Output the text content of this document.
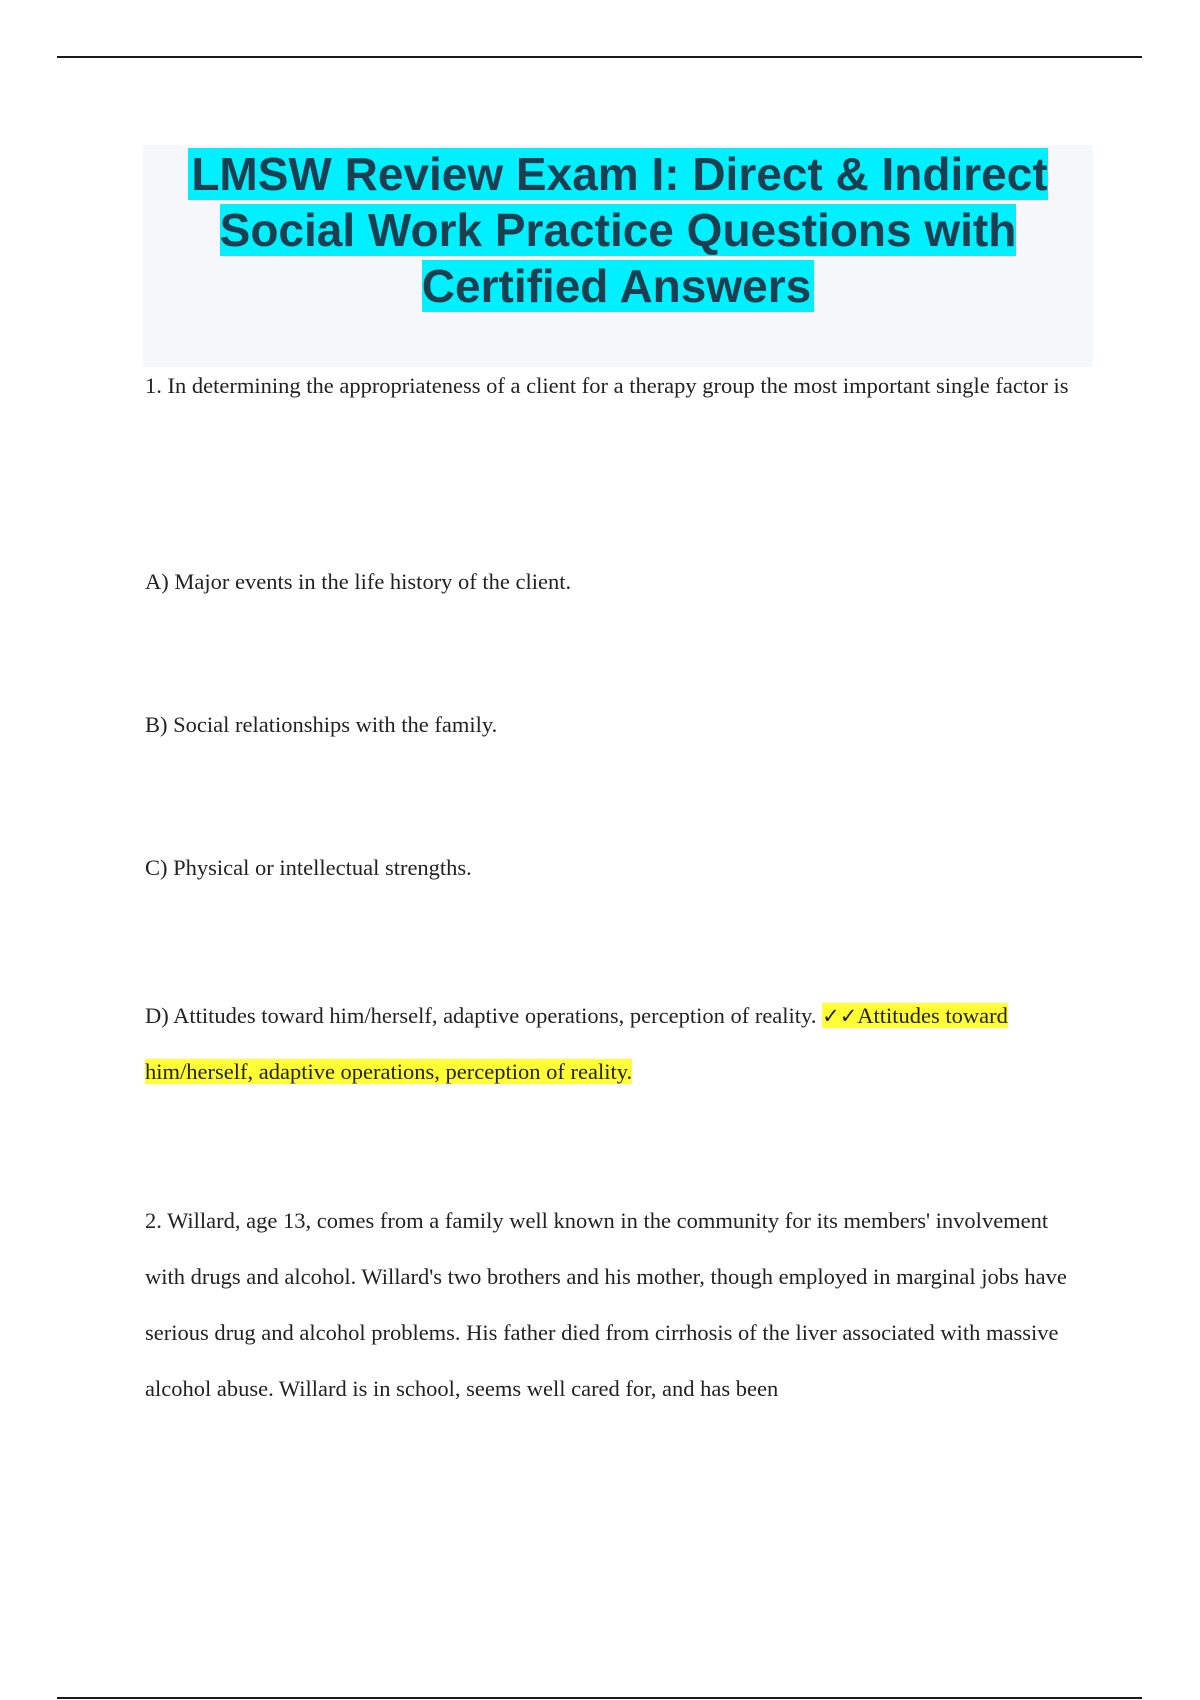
LMSW Review Exam I: Direct & Indirect Social Work Practice Questions with Certified Answers

1. In determining the appropriateness of a client for a therapy group the most important single factor is

A) Major events in the life history of the client.

B) Social relationships with the family.

C) Physical or intellectual strengths.

D) Attitudes toward him/herself, adaptive operations, perception of reality. ✓✓Attitudes toward him/herself, adaptive operations, perception of reality.

2. Willard, age 13, comes from a family well known in the community for its members' involvement with drugs and alcohol. Willard's two brothers and his mother, though employed in marginal jobs have serious drug and alcohol problems. His father died from cirrhosis of the liver associated with massive alcohol abuse. Willard is in school, seems well cared for, and has been
